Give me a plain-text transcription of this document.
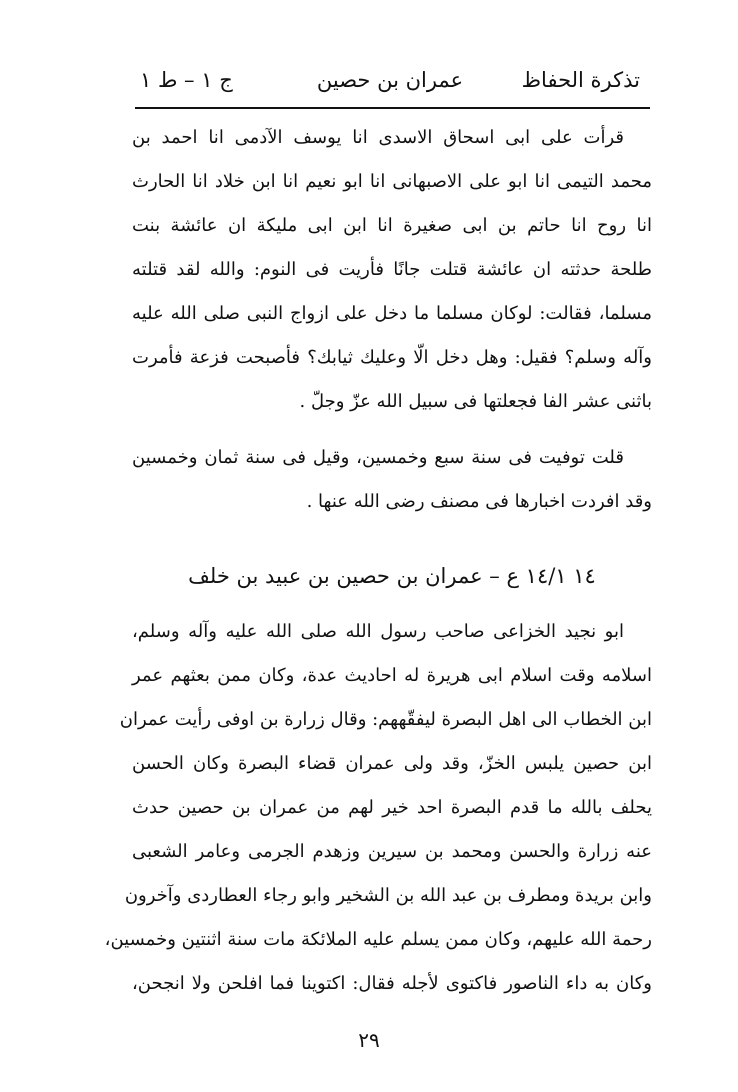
تذكرة الحفاظ
عمران بن حصين
ج ١ – ط ١
قرأت على ابى اسحاق الاسدى انا يوسف الآدمى انا احمد بن
محمد التيمى انا ابو على الاصبهانى انا ابو نعيم انا ابن خلاد انا الحارث
انا روح انا حاتم بن ابى صغيرة انا ابن ابى مليكة ان عائشة بنت
طلحة حدثته ان عائشة قتلت جانًا فأريت فى النوم: والله لقد قتلته
مسلما، فقالت: لوكان مسلما ما دخل على ازواج النبى صلى الله عليه
وآله وسلم؟ فقيل: وهل دخل الّا وعليك ثيابك؟ فأصبحت فزعة فأمرت
باثنى عشر الفا فجعلتها فى سبيل الله عزّ وجلّ .
قلت توفيت فى سنة سبع وخمسين، وقيل فى سنة ثمان وخمسين
وقد افردت اخبارها فى مصنف رضى الله عنها .
١٤ ١٤/١ ع – عمران بن حصين بن عبيد بن خلف
ابو نجيد الخزاعى صاحب رسول الله صلى الله عليه وآله وسلم،
اسلامه وقت اسلام ابى هريرة له احاديث عدة، وكان ممن بعثهم عمر
ابن الخطاب الى اهل البصرة ليفقّههم: وقال زرارة بن اوفى رأيت عمران
ابن حصين يلبس الخزّ، وقد ولى عمران قضاء البصرة وكان الحسن
يحلف بالله ما قدم البصرة احد خير لهم من عمران بن حصين حدث
عنه زرارة والحسن ومحمد بن سيرين وزهدم الجرمى وعامر الشعبى
وابن بريدة ومطرف بن عبد الله بن الشخير وابو رجاء العطاردى وآخرون
رحمة الله عليهم، وكان ممن يسلم عليه الملائكة مات سنة اثنتين وخمسين،
وكان به داء الناصور فاكتوى لأجله فقال: اكتوينا فما افلحن ولا انجحن،
٢٩
